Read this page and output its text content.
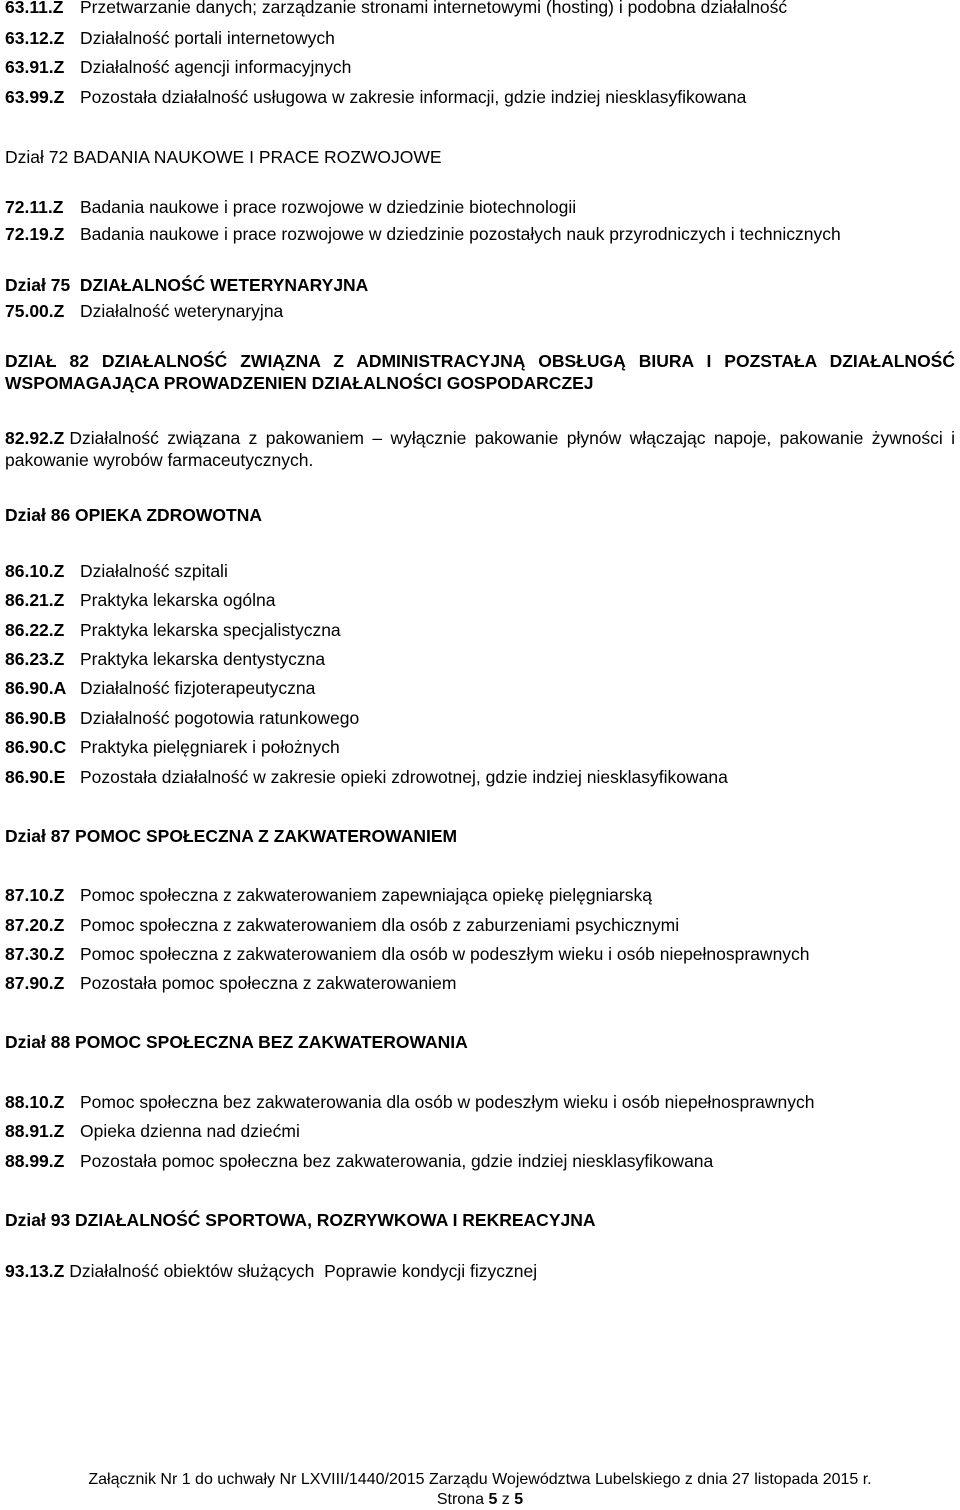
63.11.Z Przetwarzanie danych; zarządzanie stronami internetowymi (hosting) i podobna działalność
63.12.Z Działalność portali internetowych
63.91.Z Działalność agencji informacyjnych
63.99.Z Pozostała działalność usługowa w zakresie informacji, gdzie indziej niesklasyfikowana
Dział 72 BADANIA NAUKOWE I PRACE ROZWOJOWE
72.11.Z Badania naukowe i prace rozwojowe w dziedzinie biotechnologii
72.19.Z Badania naukowe i prace rozwojowe w dziedzinie pozostałych nauk przyrodniczych i technicznych
Dział 75  DZIAŁALNOŚĆ WETERYNARYJNA
75.00.Z Działalność weterynaryjna
DZIAŁ 82 DZIAŁALNOŚĆ ZWIĄZNA Z ADMINISTRACYJNĄ OBSŁUGĄ BIURA I POZSTAŁA DZIAŁALNOŚĆ WSPOMAGAJĄCA PROWADZENIEN DZIAŁALNOŚCI GOSPODARCZEJ
82.92.Z Działalność związana z pakowaniem – wyłącznie pakowanie płynów włączając napoje, pakowanie żywności i pakowanie wyrobów farmaceutycznych.
Dział 86 OPIEKA ZDROWOTNA
86.10.Z Działalność szpitali
86.21.Z Praktyka lekarska ogólna
86.22.Z Praktyka lekarska specjalistyczna
86.23.Z Praktyka lekarska dentystyczna
86.90.A Działalność fizjoterapeutyczna
86.90.B Działalność pogotowia ratunkowego
86.90.C Praktyka pielęgniarek i położnych
86.90.E Pozostała działalność w zakresie opieki zdrowotnej, gdzie indziej niesklasyfikowana
Dział 87 POMOC SPOŁECZNA Z ZAKWATEROWANIEM
87.10.Z Pomoc społeczna z zakwaterowaniem zapewniająca opiekę pielęgniarską
87.20.Z Pomoc społeczna z zakwaterowaniem dla osób z zaburzeniami psychicznymi
87.30.Z Pomoc społeczna z zakwaterowaniem dla osób w podeszłym wieku i osób niepełnosprawnych
87.90.Z Pozostała pomoc społeczna z zakwaterowaniem
Dział 88 POMOC SPOŁECZNA BEZ ZAKWATEROWANIA
88.10.Z Pomoc społeczna bez zakwaterowania dla osób w podeszłym wieku i osób niepełnosprawnych
88.91.Z Opieka dzienna nad dziećmi
88.99.Z Pozostała pomoc społeczna bez zakwaterowania, gdzie indziej niesklasyfikowana
Dział 93 DZIAŁALNOŚĆ SPORTOWA, ROZRYWKOWA I REKREACYJNA
93.13.Z Działalność obiektów służących  Poprawie kondycji fizycznej
Załącznik Nr 1 do uchwały Nr LXVIII/1440/2015 Zarządu Województwa Lubelskiego z dnia 27 listopada 2015 r.
Strona 5 z 5
